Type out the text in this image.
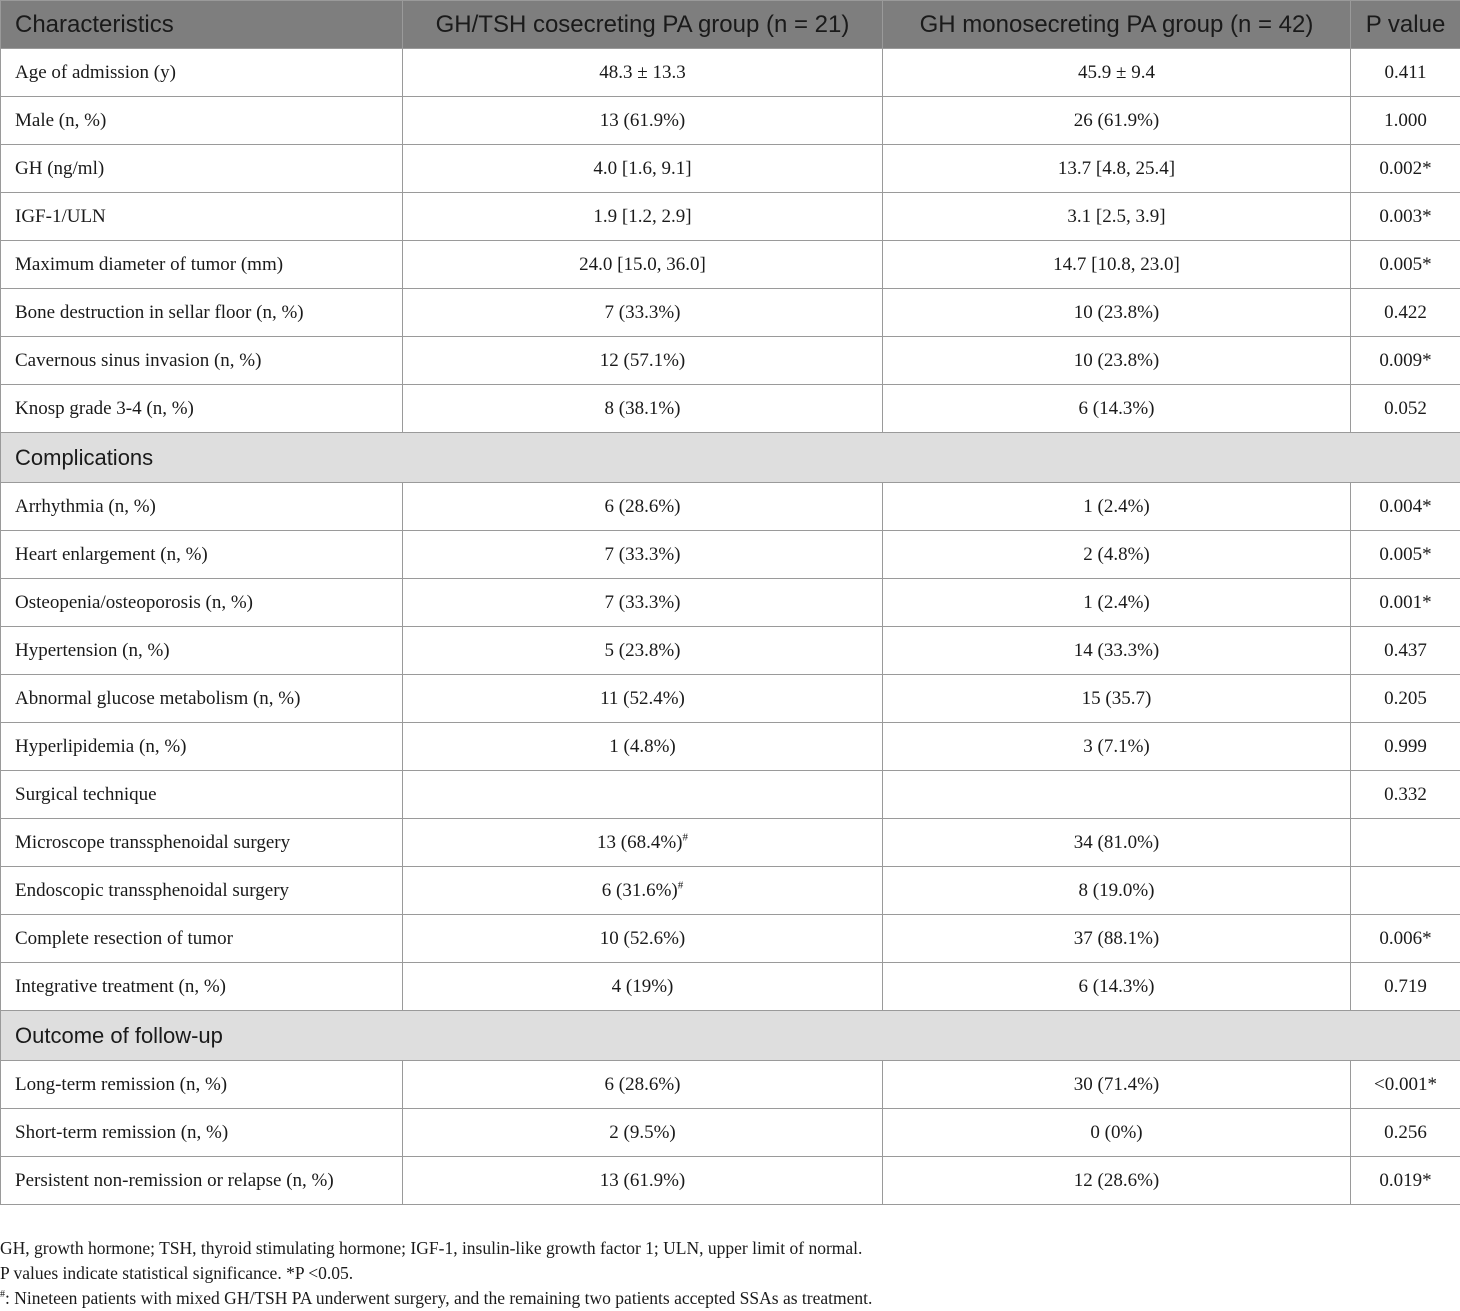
Characteristics	GH/TSH cosecreting PA group (n = 21)	GH monosecreting PA group (n = 42)	P value
Age of admission (y)	48.3 ± 13.3	45.9 ± 9.4	0.411
Male (n, %)	13 (61.9%)	26 (61.9%)	1.000
GH (ng/ml)	4.0 [1.6, 9.1]	13.7 [4.8, 25.4]	0.002*
IGF-1/ULN	1.9 [1.2, 2.9]	3.1 [2.5, 3.9]	0.003*
Maximum diameter of tumor (mm)	24.0 [15.0, 36.0]	14.7 [10.8, 23.0]	0.005*
Bone destruction in sellar floor (n, %)	7 (33.3%)	10 (23.8%)	0.422
Cavernous sinus invasion (n, %)	12 (57.1%)	10 (23.8%)	0.009*
Knosp grade 3-4 (n, %)	8 (38.1%)	6 (14.3%)	0.052
Complications			
Arrhythmia (n, %)	6 (28.6%)	1 (2.4%)	0.004*
Heart enlargement (n, %)	7 (33.3%)	2 (4.8%)	0.005*
Osteopenia/osteoporosis (n, %)	7 (33.3%)	1 (2.4%)	0.001*
Hypertension (n, %)	5 (23.8%)	14 (33.3%)	0.437
Abnormal glucose metabolism (n, %)	11 (52.4%)	15 (35.7)	0.205
Hyperlipidemia (n, %)	1 (4.8%)	3 (7.1%)	0.999
Surgical technique			0.332
Microscope transsphenoidal surgery	13 (68.4%)#	34 (81.0%)	
Endoscopic transsphenoidal surgery	6 (31.6%)#	8 (19.0%)	
Complete resection of tumor	10 (52.6%)	37 (88.1%)	0.006*
Integrative treatment (n, %)	4 (19%)	6 (14.3%)	0.719
Outcome of follow-up			
Long-term remission (n, %)	6 (28.6%)	30 (71.4%)	<0.001*
Short-term remission (n, %)	2 (9.5%)	0 (0%)	0.256
Persistent non-remission or relapse (n, %)	13 (61.9%)	12 (28.6%)	0.019*
GH, growth hormone; TSH, thyroid stimulating hormone; IGF-1, insulin-like growth factor 1; ULN, upper limit of normal.
P values indicate statistical significance. *P <0.05.
#: Nineteen patients with mixed GH/TSH PA underwent surgery, and the remaining two patients accepted SSAs as treatment.
